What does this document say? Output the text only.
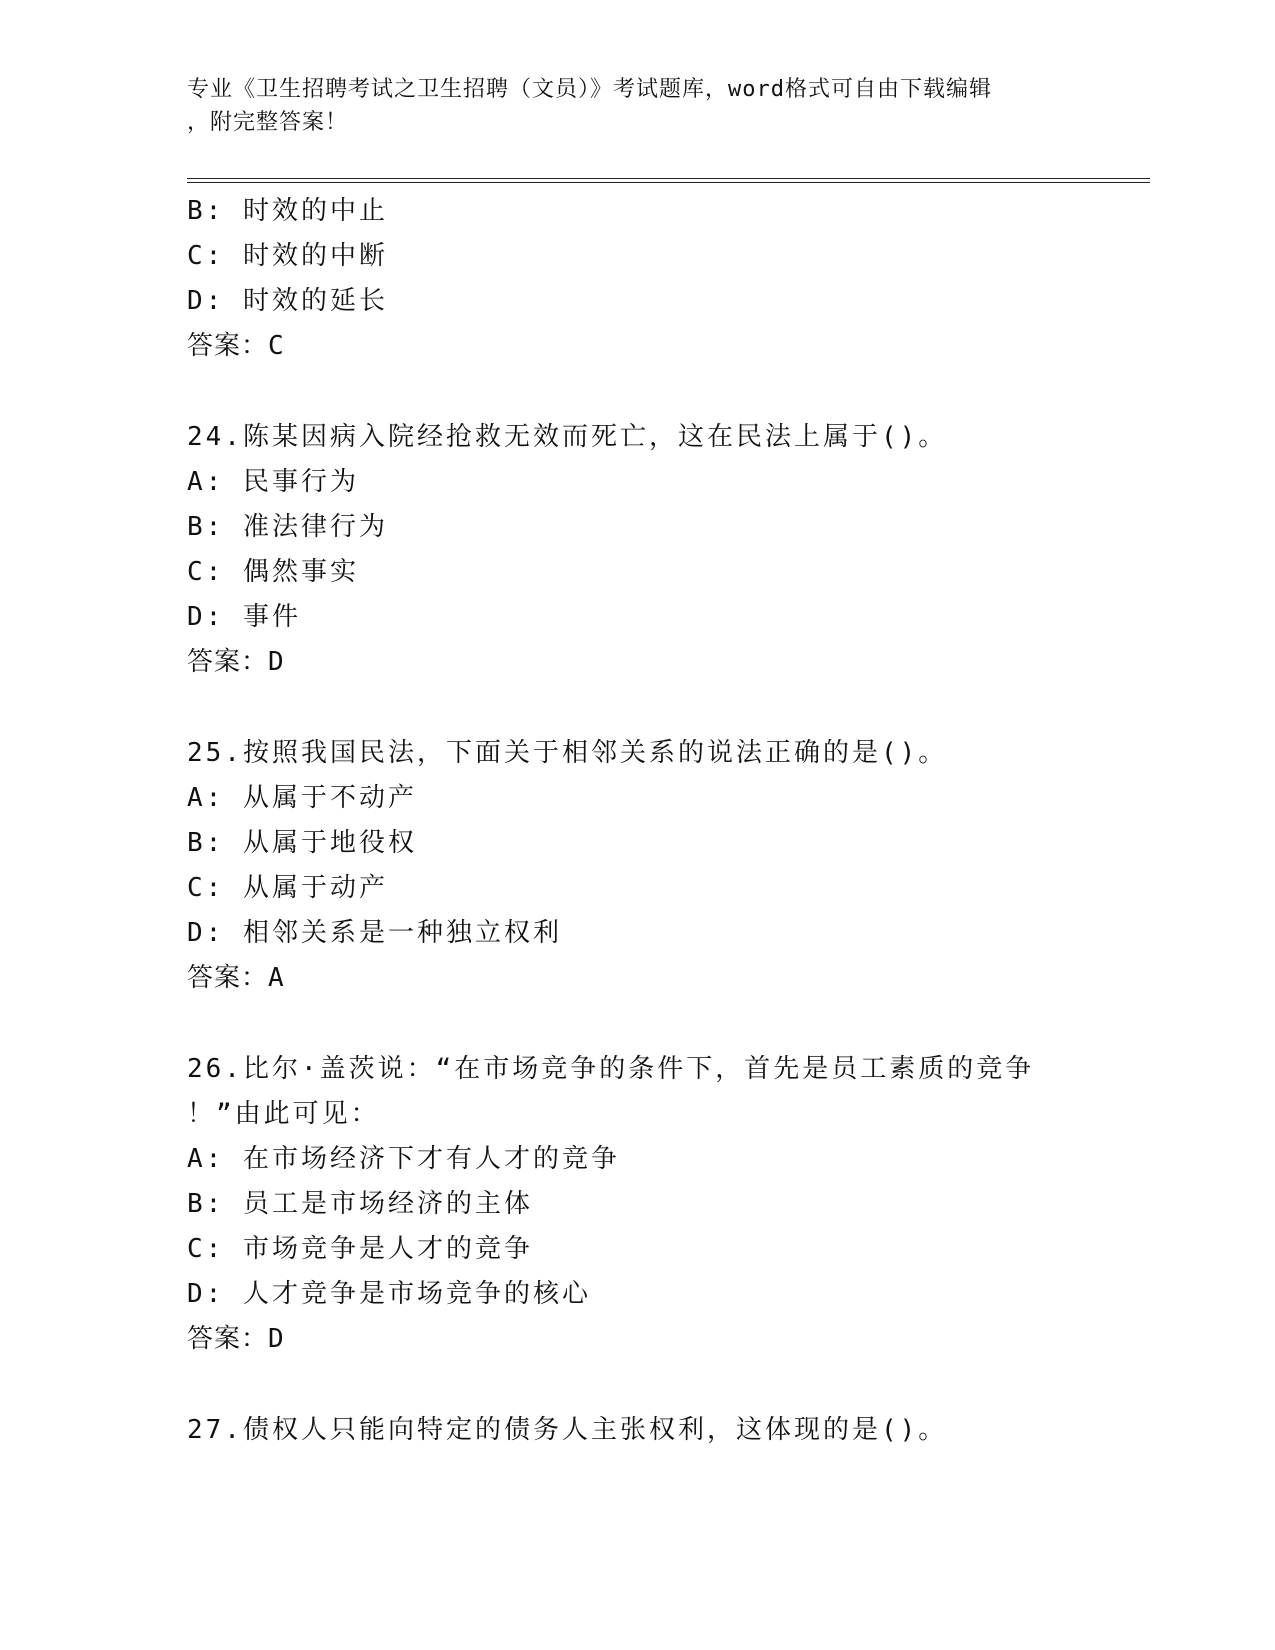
专业《卫生招聘考试之卫生招聘（文员）》考试题库，word格式可自由下载编辑
，附完整答案！
B: 时效的中止
C: 时效的中断
D: 时效的延长
答案：C
24.陈某因病入院经抢救无效而死亡，这在民法上属于()。
A: 民事行为
B: 准法律行为
C: 偶然事实
D: 事件
答案：D
25.按照我国民法，下面关于相邻关系的说法正确的是()。
A: 从属于不动产
B: 从属于地役权
C: 从属于动产
D: 相邻关系是一种独立权利
答案：A
26.比尔·盖茨说：“在市场竞争的条件下，首先是员工素质的竞争
！”由此可见：
A: 在市场经济下才有人才的竞争
B: 员工是市场经济的主体
C: 市场竞争是人才的竞争
D: 人才竞争是市场竞争的核心
答案：D
27.债权人只能向特定的债务人主张权利，这体现的是()。
